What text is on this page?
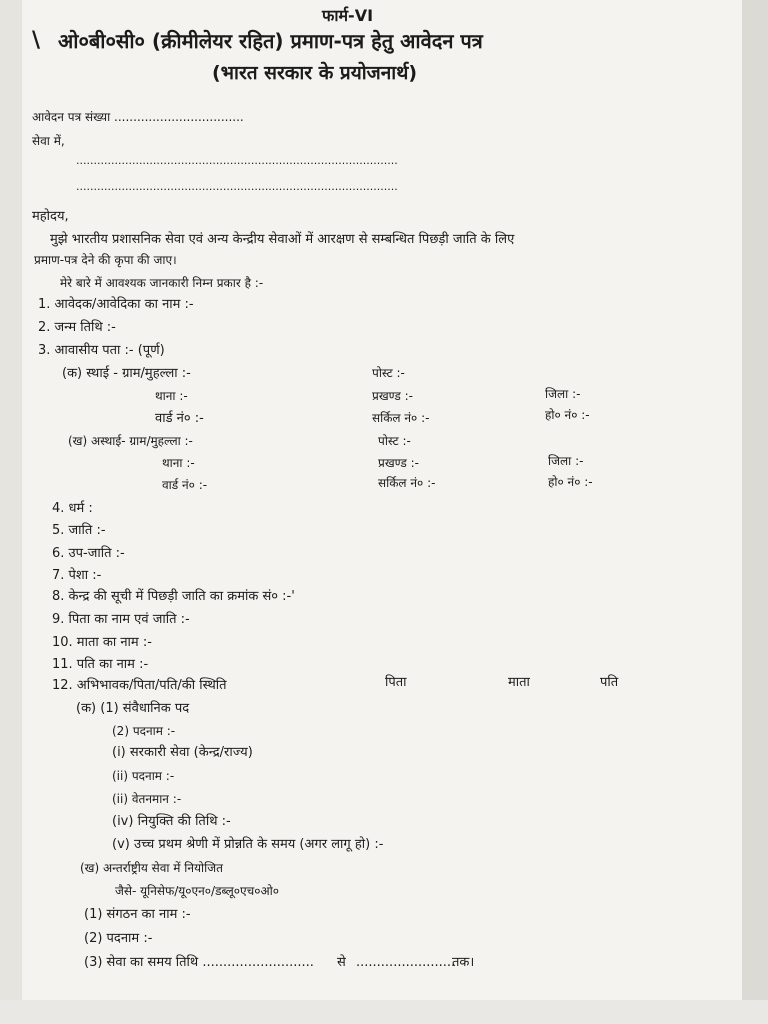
फार्म-VI
\ ओ०बी०सी० (क्रीमीलेयर रहित) प्रमाण-पत्र हेतु आवेदन पत्र
(भारत सरकार के प्रयोजनार्थ)
आवेदन पत्र संख्या ..................................
सेवा में,
............................................................................................
............................................................................................
महोदय,
मुझे भारतीय प्रशासनिक सेवा एवं अन्य केन्द्रीय सेवाओं में आरक्षण से सम्बन्धित पिछड़ी जाति के लिए
प्रमाण-पत्र देने की कृपा की जाए।
मेरे बारे में आवश्यक जानकारी निम्न प्रकार है :-
1. आवेदक/आवेदिका का नाम :-
2. जन्म तिथि :-
3. आवासीय पता :- (पूर्ण)
(क) स्थाई - ग्राम/मुहल्ला :-	पोस्ट :-
थाना :-	प्रखण्ड :-	जिला :-
वार्ड नं० :-	सर्किल नं० :-	हो० नं० :-
(ख) अस्थाई- ग्राम/मुहल्ला :-	पोस्ट :-
थाना :-	प्रखण्ड :-	जिला :-
वार्ड नं० :-	सर्किल नं० :-	हो० नं० :-
4. धर्म :
5. जाति :-
6. उप-जाति :-
7. पेशा :-
8. केन्द्र की सूची में पिछड़ी जाति का क्रमांक सं० :-'
9. पिता का नाम एवं जाति :-
10. माता का नाम :-
11. पति का नाम :-
12. अभिभावक/पिता/पति/की स्थिति	पिता	माता	पति
(क) (1) संवैधानिक पद
(2) पदनाम :-
(i) सरकारी सेवा (केन्द्र/राज्य)
(ii) पदनाम :-
(ii) वेतनमान :-
(iv) नियुक्ति की तिथि :-
(v) उच्च प्रथम श्रेणी में प्रोन्नति के समय (अगर लागू हो) :-
(ख) अन्तर्राष्ट्रीय सेवा में नियोजित
जैसे- यूनिसेफ/यू०एन०/डब्लू०एच०ओ०
(1) संगठन का नाम :-
(2) पदनाम :-
(3) सेवा का समय तिथि ........................... से ........................
तक।
